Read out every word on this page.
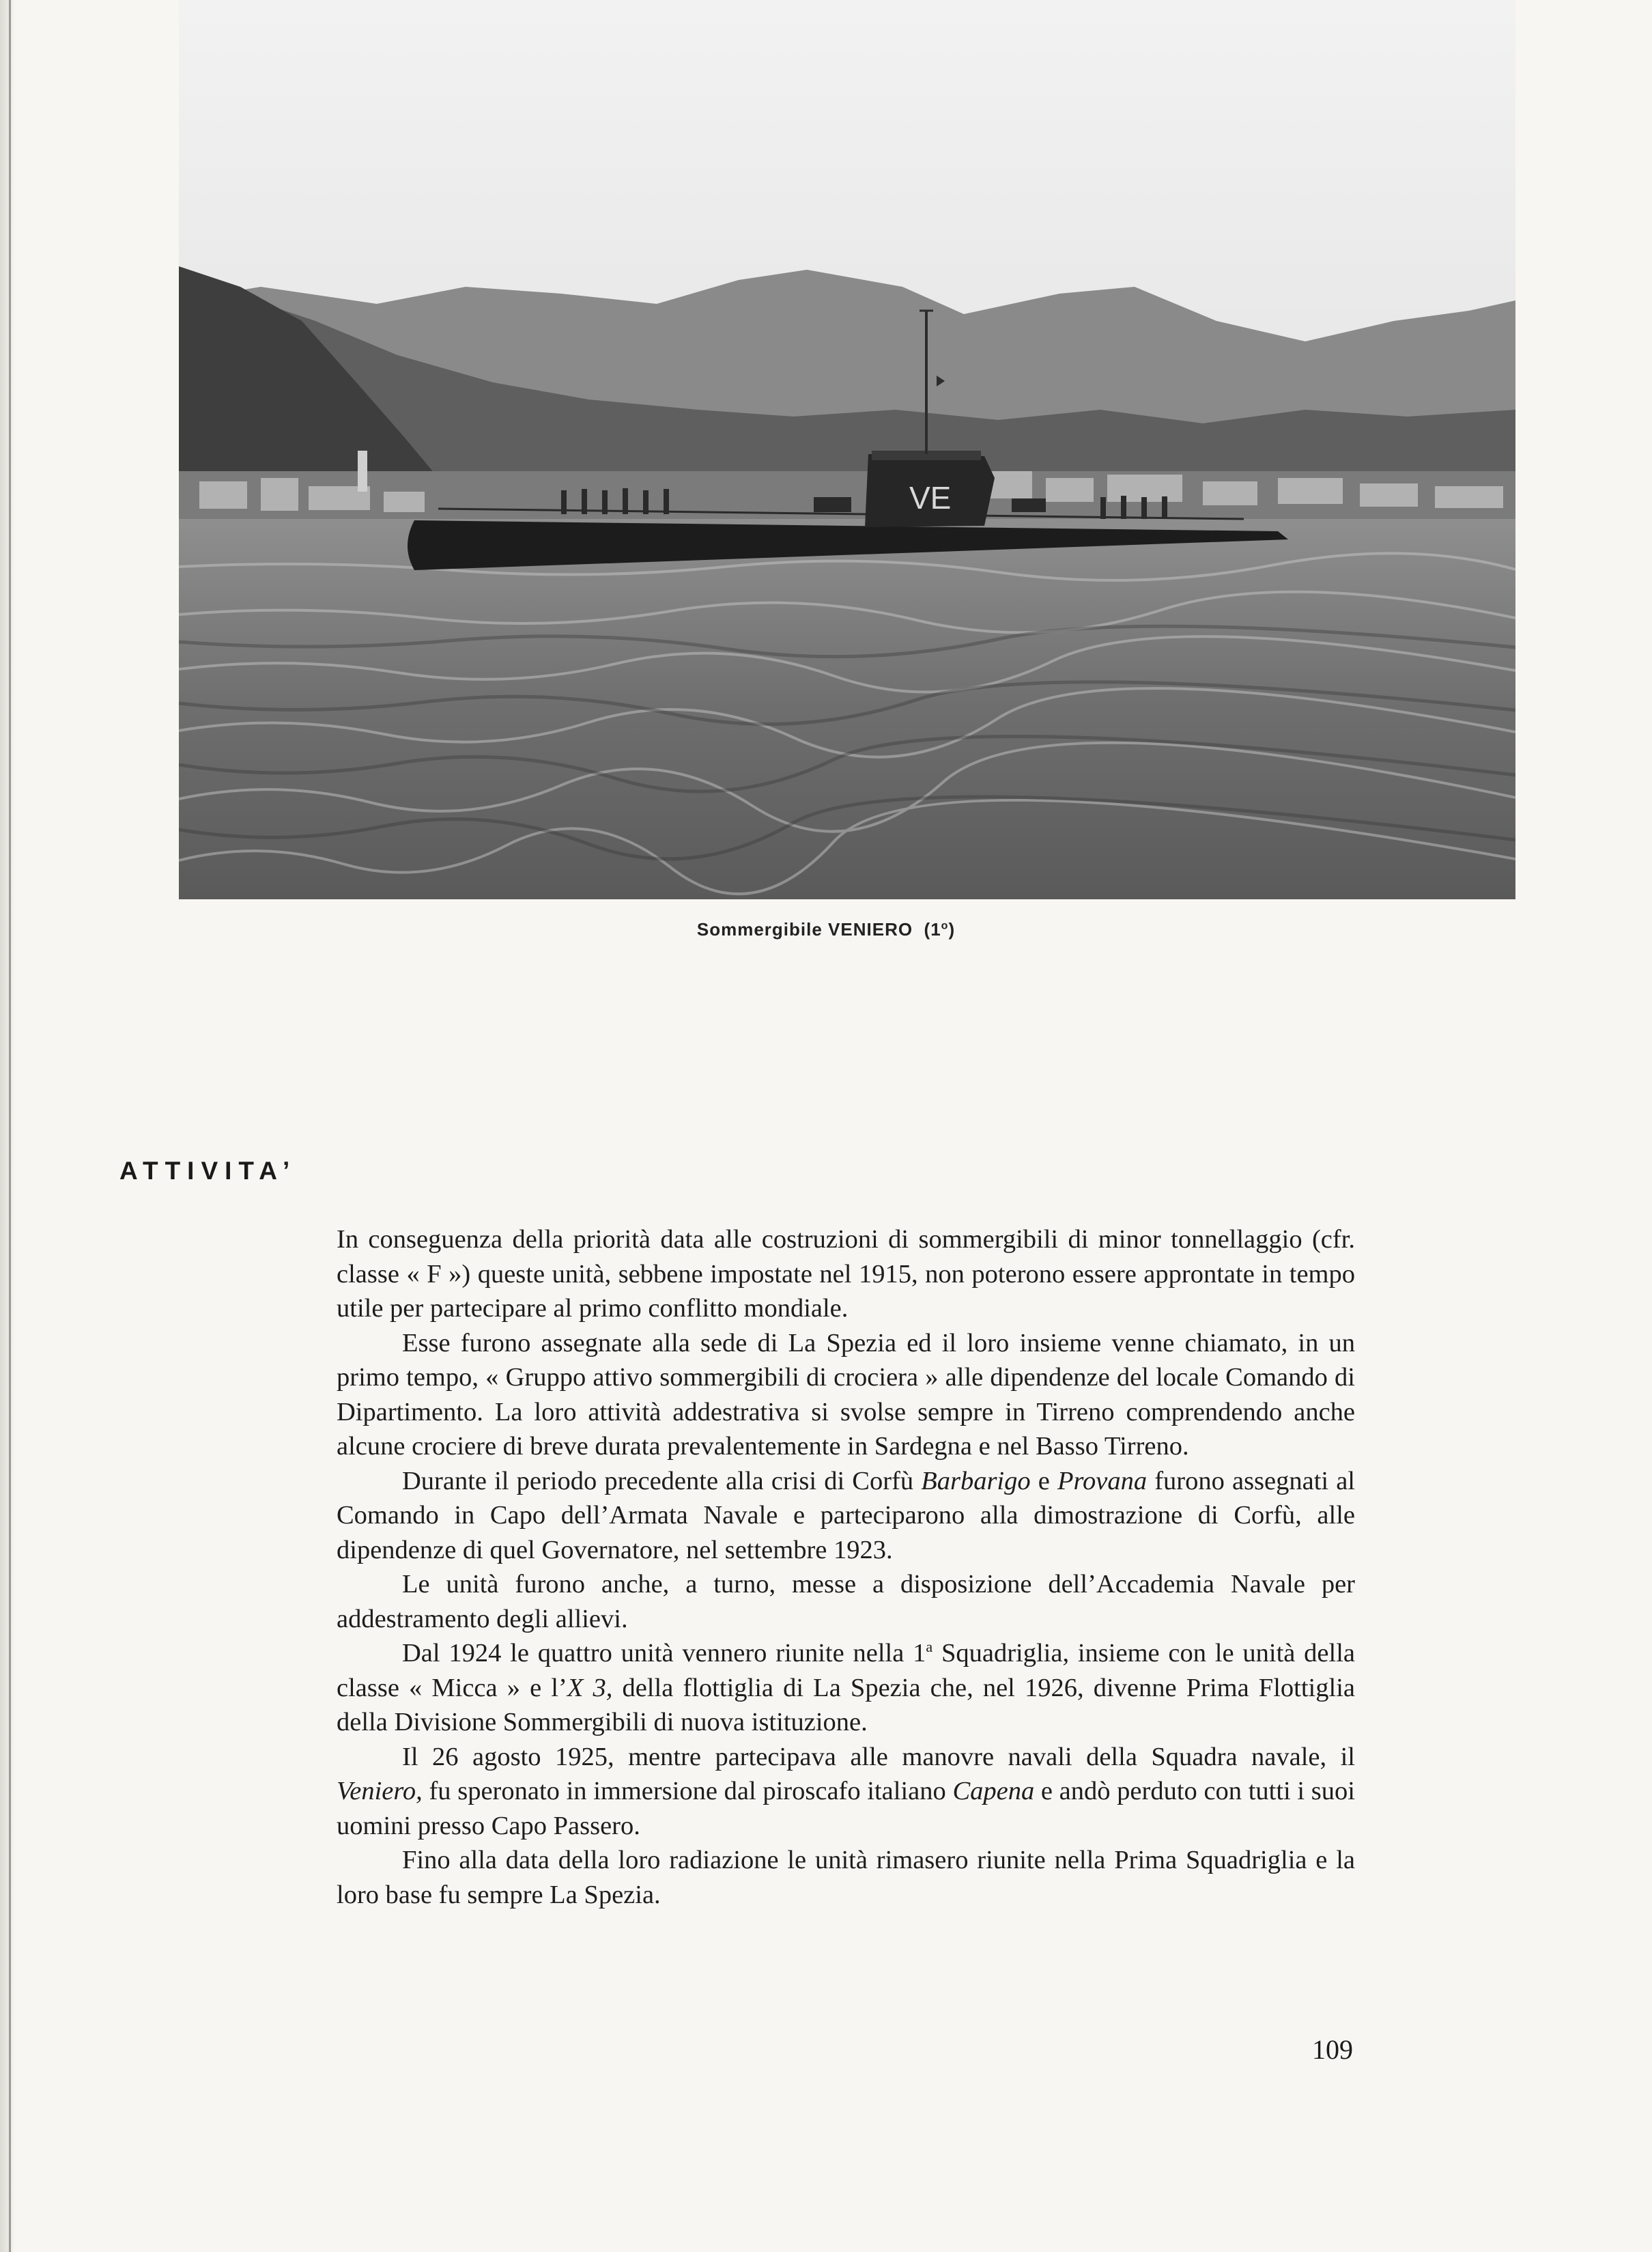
VE
Sommergibile VENIERO (1$^o$)
ATTIVITA’

In conseguenza della priorità data alle costruzioni di sommergibili di minor tonnellaggio (cfr. classe « F ») queste unità, sebbene impostate nel 1915, non poterono essere approntate in tempo utile per partecipare al primo conflitto mondiale.

Esse furono assegnate alla sede di La Spezia ed il loro insieme venne chiamato, in un primo tempo, « Gruppo attivo sommergibili di crociera » alle dipendenze del locale Comando di Dipartimento. La loro attività addestrativa si svolse sempre in Tirreno comprendendo anche alcune crociere di breve durata prevalentemente in Sardegna e nel Basso Tirreno.

Durante il periodo precedente alla crisi di Corfù Barbarigo e Provana furono assegnati al Comando in Capo dell’Armata Navale e parteciparono alla dimostrazione di Corfù, alle dipendenze di quel Governatore, nel settembre 1923.

Le unità furono anche, a turno, messe a disposizione dell’Accademia Navale per addestramento degli allievi.

Dal 1924 le quattro unità vennero riunite nella 1$^a$ Squadriglia, insieme con le unità della classe « Micca » e l’X 3, della flottiglia di La Spezia che, nel 1926, divenne Prima Flottiglia della Divisione Sommergibili di nuova istituzione.

Il 26 agosto 1925, mentre partecipava alle manovre navali della Squadra navale, il Veniero, fu speronato in immersione dal piroscafo italiano Capena e andò perduto con tutti i suoi uomini presso Capo Passero.

Fino alla data della loro radiazione le unità rimasero riunite nella Prima Squadriglia e la loro base fu sempre La Spezia.

109
